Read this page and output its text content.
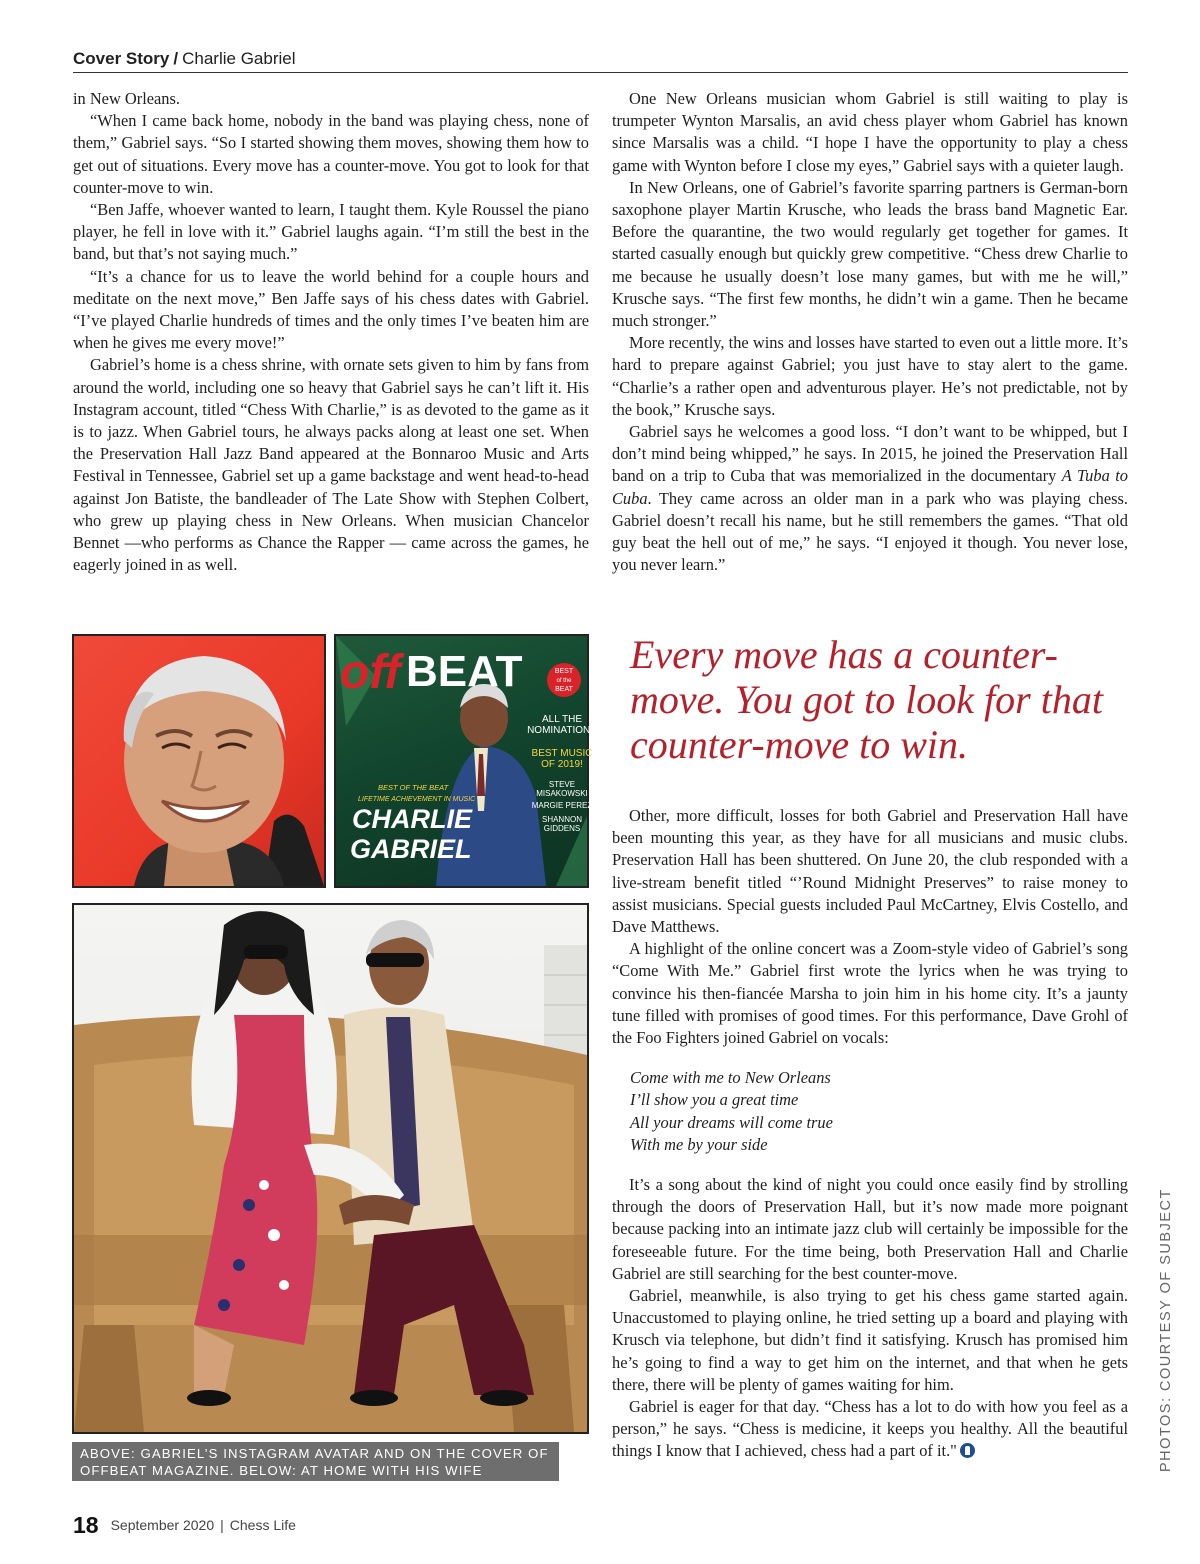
Cover Story / Charlie Gabriel

in New Orleans.

“When I came back home, nobody in the band was playing chess, none of them,” Gabriel says. “So I started showing them moves, showing them how to get out of situations. Every move has a counter-move. You got to look for that counter-move to win.

“Ben Jaffe, whoever wanted to learn, I taught them. Kyle Roussel the piano player, he fell in love with it.” Gabriel laughs again. “I’m still the best in the band, but that’s not saying much.”

“It’s a chance for us to leave the world behind for a couple hours and meditate on the next move,” Ben Jaffe says of his chess dates with Gabriel. “I’ve played Charlie hundreds of times and the only times I’ve beaten him are when he gives me every move!”

Gabriel’s home is a chess shrine, with ornate sets given to him by fans from around the world, including one so heavy that Gabriel says he can’t lift it. His Instagram account, titled “Chess With Charlie,” is as devoted to the game as it is to jazz. When Gabriel tours, he always packs along at least one set. When the Preservation Hall Jazz Band appeared at the Bonnaroo Music and Arts Festival in Tennessee, Gabriel set up a game backstage and went head-to-head against Jon Batiste, the bandleader of The Late Show with Stephen Colbert, who grew up playing chess in New Orleans. When musician Chancelor Bennet —who performs as Chance the Rapper — came across the games, he eagerly joined in as well.

One New Orleans musician whom Gabriel is still waiting to play is trumpeter Wynton Marsalis, an avid chess player whom Gabriel has known since Marsalis was a child. “I hope I have the opportunity to play a chess game with Wynton before I close my eyes,” Gabriel says with a quieter laugh.

In New Orleans, one of Gabriel’s favorite sparring partners is German-born saxophone player Martin Krusche, who leads the brass band Magnetic Ear. Before the quarantine, the two would regularly get together for games. It started casually enough but quickly grew competitive. “Chess drew Charlie to me because he usually doesn’t lose many games, but with me he will,” Krusche says. “The first few months, he didn’t win a game. Then he became much stronger.”

More recently, the wins and losses have started to even out a little more. It’s hard to prepare against Gabriel; you just have to stay alert to the game. “Charlie’s a rather open and adventurous player. He’s not predictable, not by the book,” Krusche says.

Gabriel says he welcomes a good loss. “I don’t want to be whipped, but I don’t mind being whipped,” he says. In 2015, he joined the Preservation Hall band on a trip to Cuba that was memorialized in the documentary A Tuba to Cuba. They came across an older man in a park who was playing chess. Gabriel doesn’t recall his name, but he still remembers the games. “That old guy beat the hell out of me,” he says. “I enjoyed it though. You never lose, you never learn.”

Every move has a counter-move. You got to look for that counter-move to win.

Other, more difficult, losses for both Gabriel and Preservation Hall have been mounting this year, as they have for all musicians and music clubs. Preservation Hall has been shuttered. On June 20, the club responded with a live-stream benefit titled “’Round Midnight Preserves” to raise money to assist musicians. Special guests included Paul McCartney, Elvis Costello, and Dave Matthews.

A highlight of the online concert was a Zoom-style video of Gabriel’s song “Come With Me.” Gabriel first wrote the lyrics when he was trying to convince his then-fiancée Marsha to join him in his home city. It’s a jaunty tune filled with promises of good times. For this performance, Dave Grohl of the Foo Fighters joined Gabriel on vocals:

Come with me to New Orleans
I’ll show you a great time
All your dreams will come true
With me by your side

It’s a song about the kind of night you could once easily find by strolling through the doors of Preservation Hall, but it’s now made more poignant because packing into an intimate jazz club will certainly be impossible for the foreseeable future. For the time being, both Preservation Hall and Charlie Gabriel are still searching for the best counter-move.

Gabriel, meanwhile, is also trying to get his chess game started again. Unaccustomed to playing online, he tried setting up a board and playing with Krusch via telephone, but didn’t find it satisfying. Krusch has promised him he’s going to find a way to get him on the internet, and that when he gets there, there will be plenty of games waiting for him.

Gabriel is eager for that day. “Chess has a lot to do with how you feel as a person,” he says. “Chess is medicine, it keeps you healthy. All the beautiful things I know that I achieved, chess had a part of it."

off BEAT	BEST
of the
BEAT
ALL THE
NOMINATIONS
BEST MUSIC
OF 2019!
STEVE
MISAKOWSKI
MARGIE PEREZ
SHANNON
GIDDENS
BEST OF THE BEAT
LIFETIME ACHIEVEMENT IN MUSIC
CHARLIE
GABRIEL
ABOVE: GABRIEL’S INSTAGRAM AVATAR AND ON THE COVER OF OFFBEAT MAGAZINE. BELOW: AT HOME WITH HIS WIFE MARSHA.
PHOTOS: COURTESY OF SUBJECT
18 September 2020 | Chess Life
